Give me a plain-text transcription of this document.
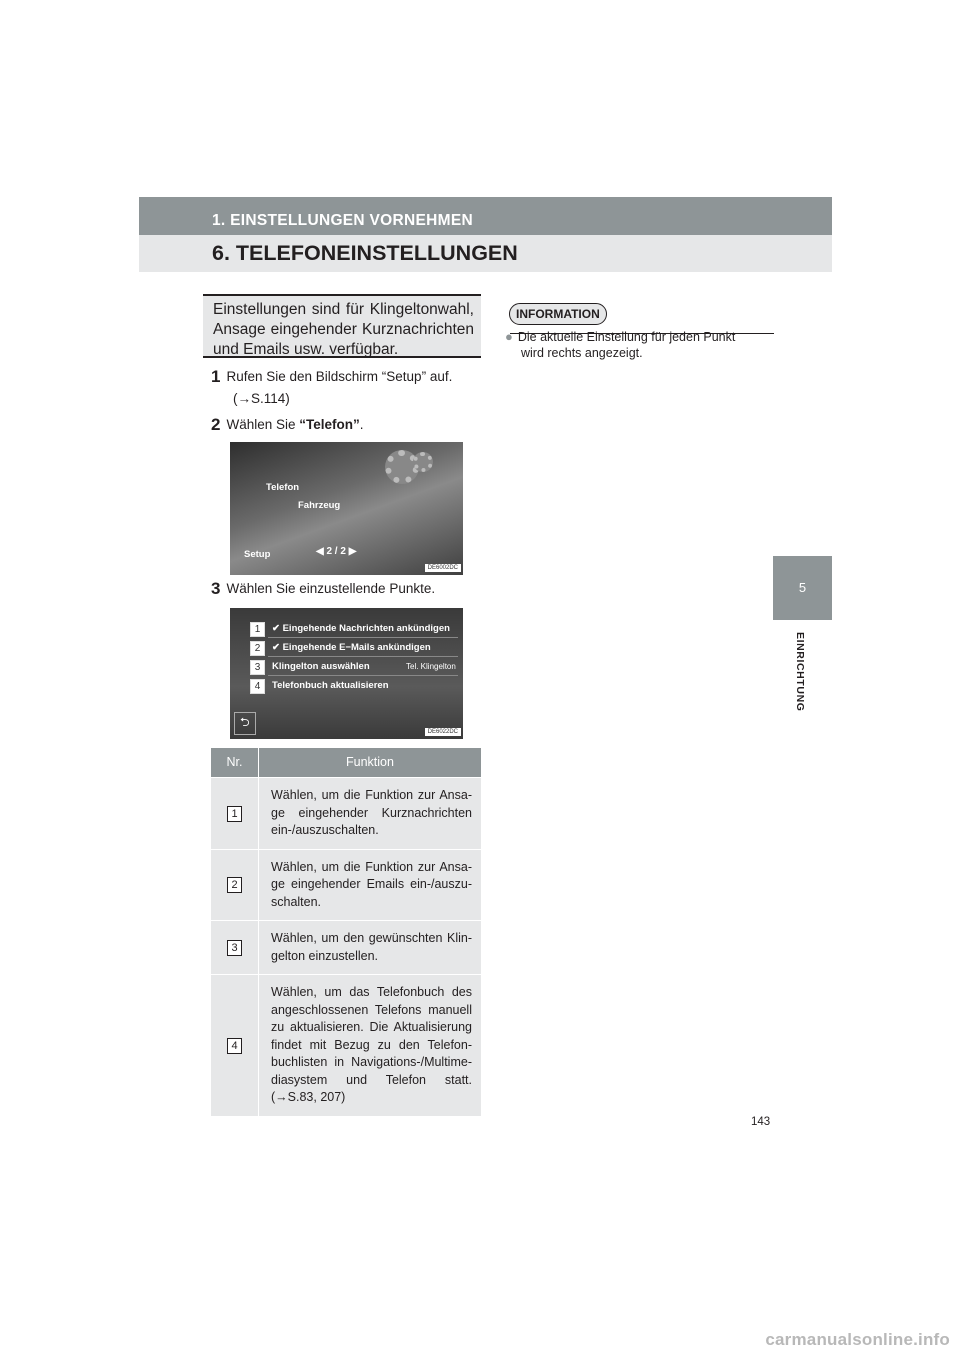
1. EINSTELLUNGEN VORNEHMEN
6. TELEFONEINSTELLUNGEN
5
EINRICHTUNG
Einstellungen sind für Klingeltonwahl, Ansage eingehender Kurznachrichten und Emails usw. verfügbar.
1 Rufen Sie den Bildschirm “Setup” auf.
(→S.114)
2 Wählen Sie “Telefon”.
Telefon
Fahrzeug
Setup	◀ 2 / 2 ▶
DE6002DC
3 Wählen Sie einzustellende Punkte.
1	✔ Eingehende Nachrichten ankündigen
2	✔ Eingehende E−Mails ankündigen
3	Klingelton auswählen	Tel. Klingelton
4	Telefonbuch aktualisieren
⮌
DE6022DC
Nr.	Funktion
1	Wählen, um die Funktion zur Ansa-ge eingehender Kurznachrichten ein-/auszuschalten.
2	Wählen, um die Funktion zur Ansa-ge eingehender Emails ein-/auszu-schalten.
3	Wählen, um den gewünschten Klin-gelton einzustellen.
4	Wählen, um das Telefonbuch des angeschlossenen Telefons manuell zu aktualisieren. Die Aktualisierung findet mit Bezug zu den Telefon-buchlisten in Navigations-/Multime-diasystem und Telefon statt. (→S.83, 207)
INFORMATION
● Die aktuelle Einstellung für jeden Punkt
wird rechts angezeigt.
143
carmanualsonline.info
